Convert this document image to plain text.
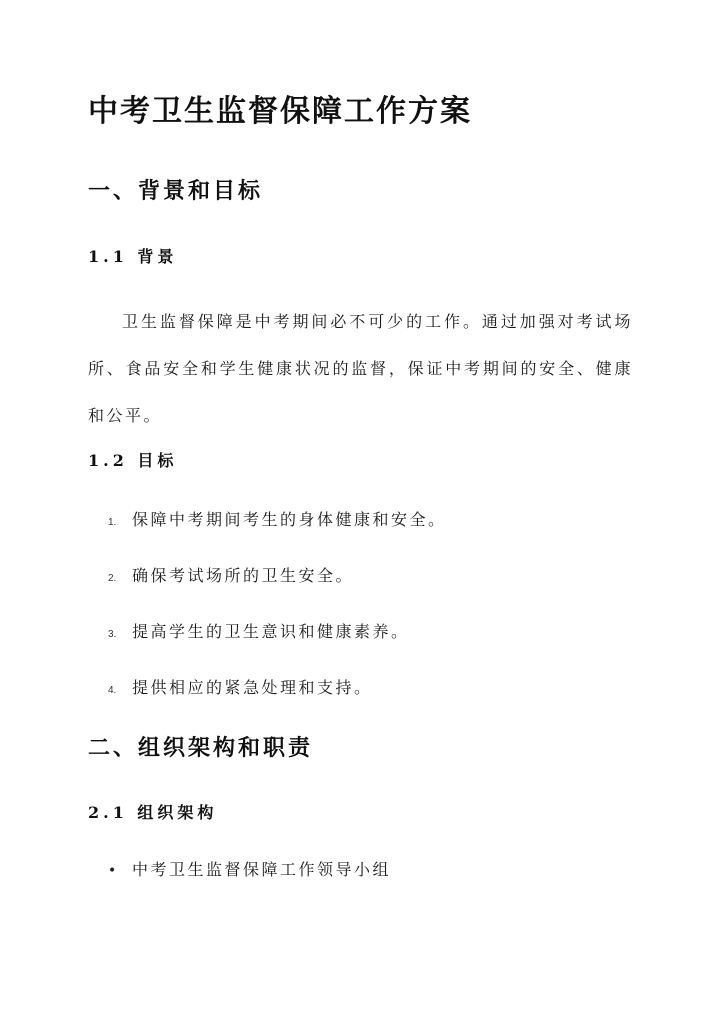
中考卫生监督保障工作方案
一、背景和目标
1.1 背景
卫生监督保障是中考期间必不可少的工作。通过加强对考试场所、食品安全和学生健康状况的监督，保证中考期间的安全、健康和公平。
1.2 目标
1. 保障中考期间考生的身体健康和安全。
2. 确保考试场所的卫生安全。
3. 提高学生的卫生意识和健康素养。
4. 提供相应的紧急处理和支持。
二、组织架构和职责
2.1 组织架构
• 中考卫生监督保障工作领导小组
